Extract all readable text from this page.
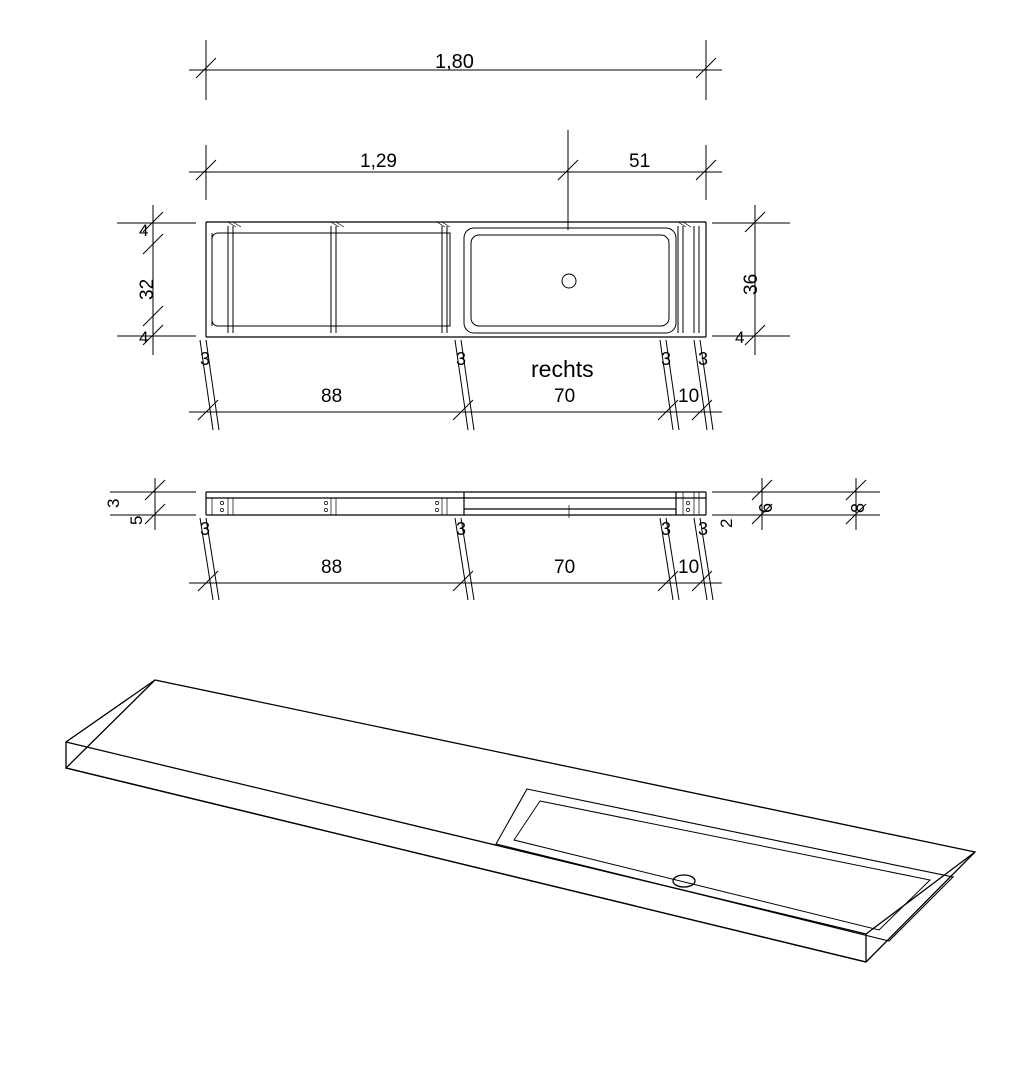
1,80
1,29	51
4
32
4
36
4
3	3	3 3
rechts
88	70	10
3
5	3	3	3 3 2
6	8
88	70	10
